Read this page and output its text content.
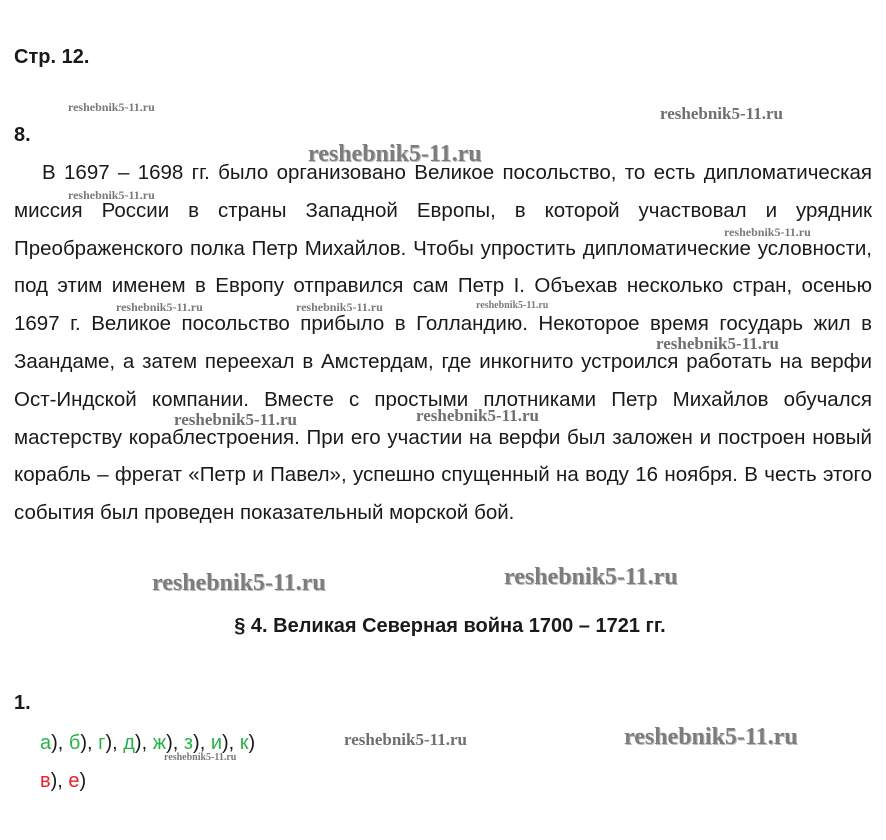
Стр. 12.
8.

В 1697 – 1698 гг. было организовано Великое посольство, то есть дипломатическая миссия России в страны Западной Европы, в которой участвовал и урядник Преображенского полка Петр Михайлов. Чтобы упростить дипломатические условности, под этим именем в Европу отправился сам Петр I. Объехав несколько стран, осенью 1697 г. Великое посольство прибыло в Голландию. Некоторое время государь жил в Заандаме, а затем переехал в Амстердам, где инкогнито устроился работать на верфи Ост-Индской компании. Вместе с простыми плотниками Петр Михайлов обучался мастерству кораблестроения. При его участии на верфи был заложен и построен новый корабль – фрегат «Петр и Павел», успешно спущенный на воду 16 ноября. В честь этого события был проведен показательный морской бой.

§ 4. Великая Северная война 1700 – 1721 гг.
1.
а), б), г), д), ж), з), и), к)
в), е)
reshebnik5-11.ru	reshebnik5-11.ru
reshebnik5-11.ru
reshebnik5-11.ru
reshebnik5-11.ru
reshebnik5-11.ru	reshebnik5-11.ru	reshebnik5-11.ru
reshebnik5-11.ru
reshebnik5-11.ru	reshebnik5-11.ru
reshebnik5-11.ru	reshebnik5-11.ru
reshebnik5-11.ru	reshebnik5-11.ru
reshebnik5-11.ru
